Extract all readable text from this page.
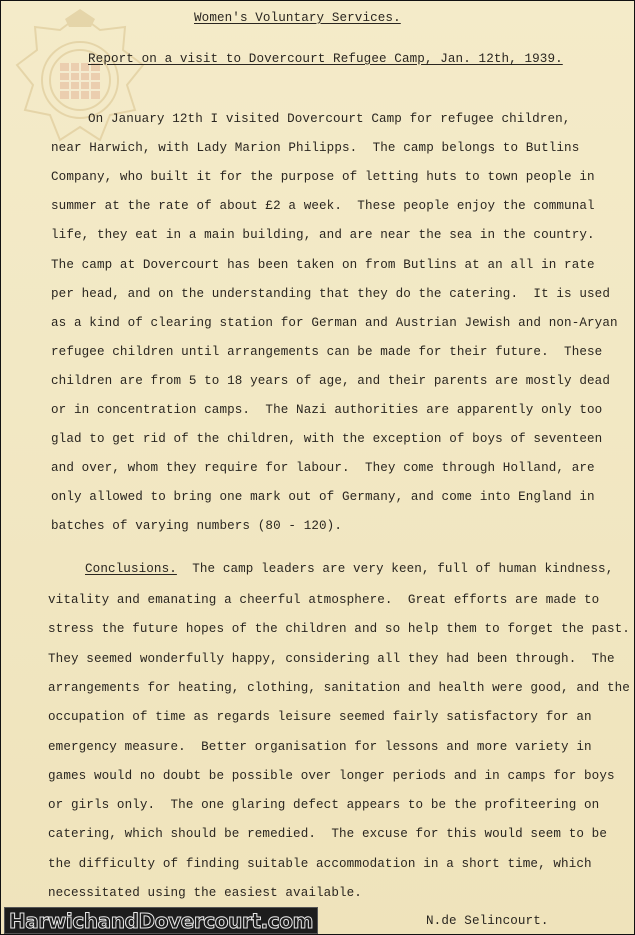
Women's Voluntary Services.
Report on a visit to Dovercourt Refugee Camp, Jan. 12th, 1939.
On January 12th I visited Dovercourt Camp for refugee children,
near Harwich, with Lady Marion Philipps.  The camp belongs to Butlins
Company, who built it for the purpose of letting huts to town people in
summer at the rate of about £2 a week.  These people enjoy the communal
life, they eat in a main building, and are near the sea in the country.
The camp at Dovercourt has been taken on from Butlins at an all in rate
per head, and on the understanding that they do the catering.  It is used
as a kind of clearing station for German and Austrian Jewish and non-Aryan
refugee children until arrangements can be made for their future.  These
children are from 5 to 18 years of age, and their parents are mostly dead
or in concentration camps.  The Nazi authorities are apparently only too
glad to get rid of the children, with the exception of boys of seventeen
and over, whom they require for labour.  They come through Holland, are
only allowed to bring one mark out of Germany, and come into England in
batches of varying numbers (80 - 120).
Conclusions.  The camp leaders are very keen, full of human kindness,
vitality and emanating a cheerful atmosphere.  Great efforts are made to
stress the future hopes of the children and so help them to forget the past.
They seemed wonderfully happy, considering all they had been through.  The
arrangements for heating, clothing, sanitation and health were good, and the
occupation of time as regards leisure seemed fairly satisfactory for an
emergency measure.  Better organisation for lessons and more variety in
games would no doubt be possible over longer periods and in camps for boys
or girls only.  The one glaring defect appears to be the profiteering on
catering, which should be remedied.  The excuse for this would seem to be
the difficulty of finding suitable accommodation in a short time, which
necessitated using the easiest available.
N.de Selincourt.
HarwichandDovercourt.com
